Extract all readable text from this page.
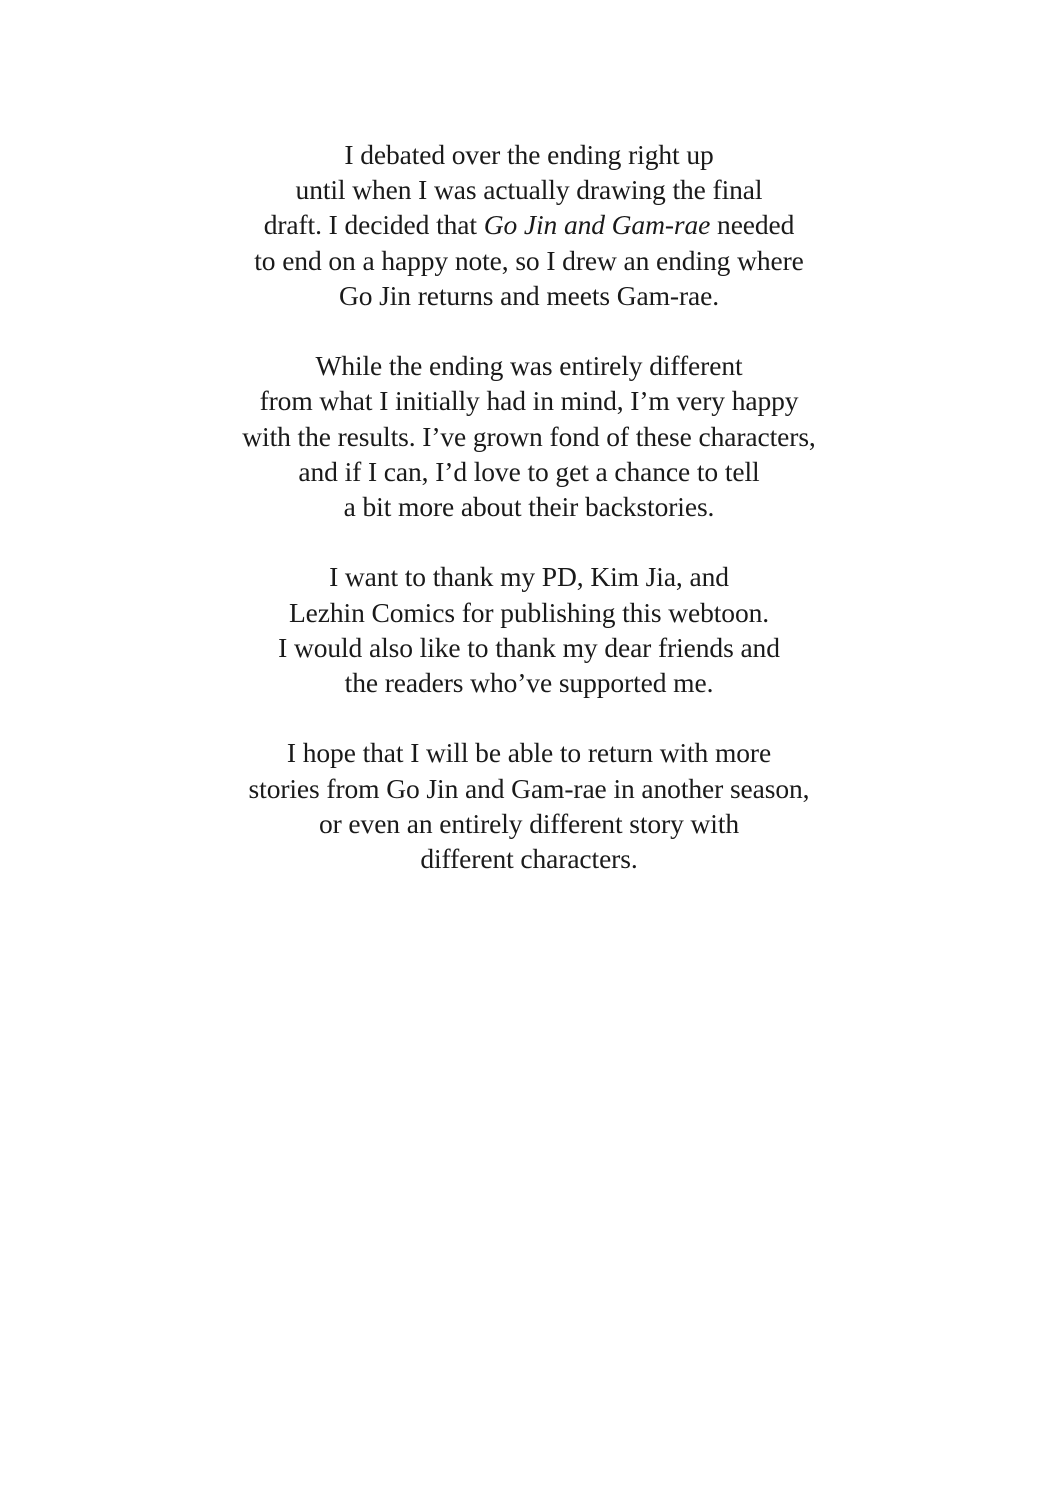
I debated over the ending right up
until when I was actually drawing the final
draft. I decided that Go Jin and Gam-rae needed
to end on a happy note, so I drew an ending where
Go Jin returns and meets Gam-rae.

While the ending was entirely different
from what I initially had in mind, I’m very happy
with the results. I’ve grown fond of these characters,
and if I can, I’d love to get a chance to tell
a bit more about their backstories.

I want to thank my PD, Kim Jia, and
Lezhin Comics for publishing this webtoon.
I would also like to thank my dear friends and
the readers who’ve supported me.

I hope that I will be able to return with more
stories from Go Jin and Gam-rae in another season,
or even an entirely different story with
different characters.
